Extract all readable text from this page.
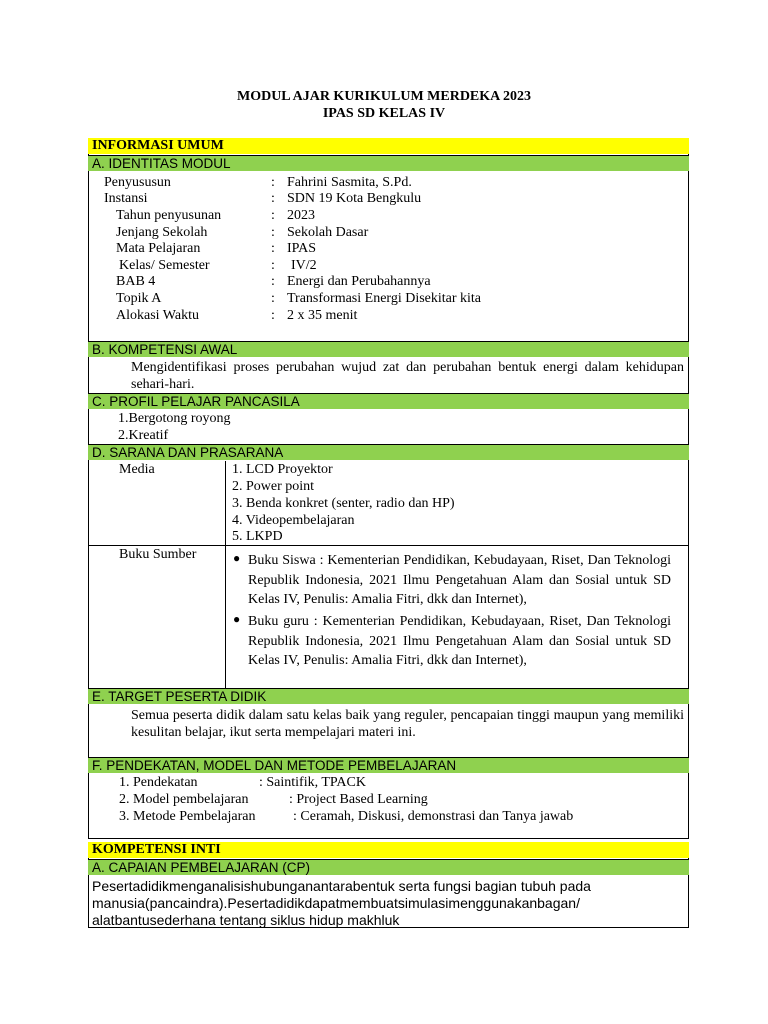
MODUL AJAR KURIKULUM MERDEKA 2023
IPAS SD KELAS IV
INFORMASI UMUM
A. IDENTITAS MODUL
Penyususun	: Fahrini Sasmita, S.Pd.
Instansi	: SDN 19 Kota Bengkulu
Tahun penyusunan	: 2023
Jenjang Sekolah	: Sekolah Dasar
Mata Pelajaran	: IPAS
Kelas/ Semester	: IV/2
BAB 4	: Energi dan Perubahannya
Topik A	: Transformasi Energi Disekitar kita
Alokasi Waktu	: 2 x 35 menit
B. KOMPETENSI AWAL
Mengidentifikasi proses perubahan wujud zat dan perubahan bentuk energi dalam kehidupan sehari-hari.
C. PROFIL PELAJAR PANCASILA
1.Bergotong royong
2.Kreatif
D. SARANA DAN PRASARANA
Media	1. LCD Proyektor
2. Power point
3. Benda konkret (senter, radio dan HP)
4. Videopembelajaran
5. LKPD
Buku Sumber	● Buku Siswa : Kementerian Pendidikan, Kebudayaan, Riset, Dan Teknologi Republik Indonesia, 2021 Ilmu Pengetahuan Alam dan Sosial untuk SD Kelas IV, Penulis: Amalia Fitri, dkk dan Internet),
● Buku guru : Kementerian Pendidikan, Kebudayaan, Riset, Dan Teknologi Republik Indonesia, 2021 Ilmu Pengetahuan Alam dan Sosial untuk SD Kelas IV, Penulis: Amalia Fitri, dkk dan Internet),
E. TARGET PESERTA DIDIK
Semua peserta didik dalam satu kelas baik yang reguler, pencapaian tinggi maupun yang memiliki kesulitan belajar, ikut serta mempelajari materi ini.
F. PENDEKATAN, MODEL DAN METODE PEMBELAJARAN
1. Pendekatan	: Saintifik, TPACK
2. Model pembelajaran	: Project Based Learning
3. Metode Pembelajaran	: Ceramah, Diskusi, demonstrasi dan Tanya jawab
KOMPETENSI INTI
A. CAPAIAN PEMBELAJARAN (CP)
Pesertadidikmenganalisishubunganantarabentuk serta fungsi bagian tubuh pada manusia(pancaindra).Pesertadidikdapatmembuatsimulasimenggunakanbagan/ alatbantusederhana tentang siklus hidup makhluk
